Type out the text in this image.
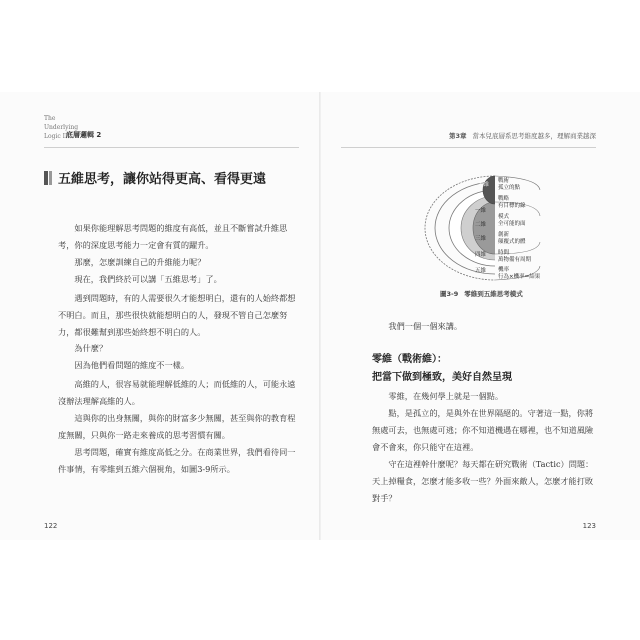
The
Underlying
Logic II
底層邏輯 2
五維思考，讓你站得更高、看得更遠

如果你能理解思考問題的維度有高低，並且不斷嘗試升維思考，你的深度思考能力一定會有質的躍升。

那麼，怎麼訓練自己的升維能力呢？

現在，我們終於可以講「五維思考」了。

遇到問題時，有的人需要很久才能想明白，還有的人始終都想不明白。而且，那些很快就能想明白的人，發現不管自己怎麼努力，都很難幫到那些始終想不明白的人。

為什麼？

因為他們看問題的維度不一樣。

高維的人，很容易就能理解低維的人；而低維的人，可能永遠沒辦法理解高維的人。

這與你的出身無關，與你的財富多少無關，甚至與你的教育程度無關，只與你一路走來養成的思考習慣有關。

思考問題，確實有維度高低之分。在商業世界，我們看待同一件事情，有零維到五維六個視角，如圖3-9所示。

122
第3章 當本兒底層系思考維度越多，理解商業越深
零維
一維
二維
三維
四維
五維
戰術
孤立的點
戰略
有目標的線
模式
全可能的面
創新
顛覆式的體
時間
萬物備有周期
機率
行為×機率=結果
圖3-9 零維到五維思考模式

我們一個一個來講。

零維（戰術維）：
把當下做到極致，美好自然呈現

零維，在幾何學上就是一個點。

點，是孤立的，是與外在世界隔絕的。守著這一點，你將無處可去，也無處可逃；你不知道機遇在哪裡，也不知道風險會不會來，你只能守在這裡。

守在這裡幹什麼呢？每天都在研究戰術（Tactic）問題：天上掉糧食，怎麼才能多收一些？外面來敵人，怎麼才能打敗對手？

123
